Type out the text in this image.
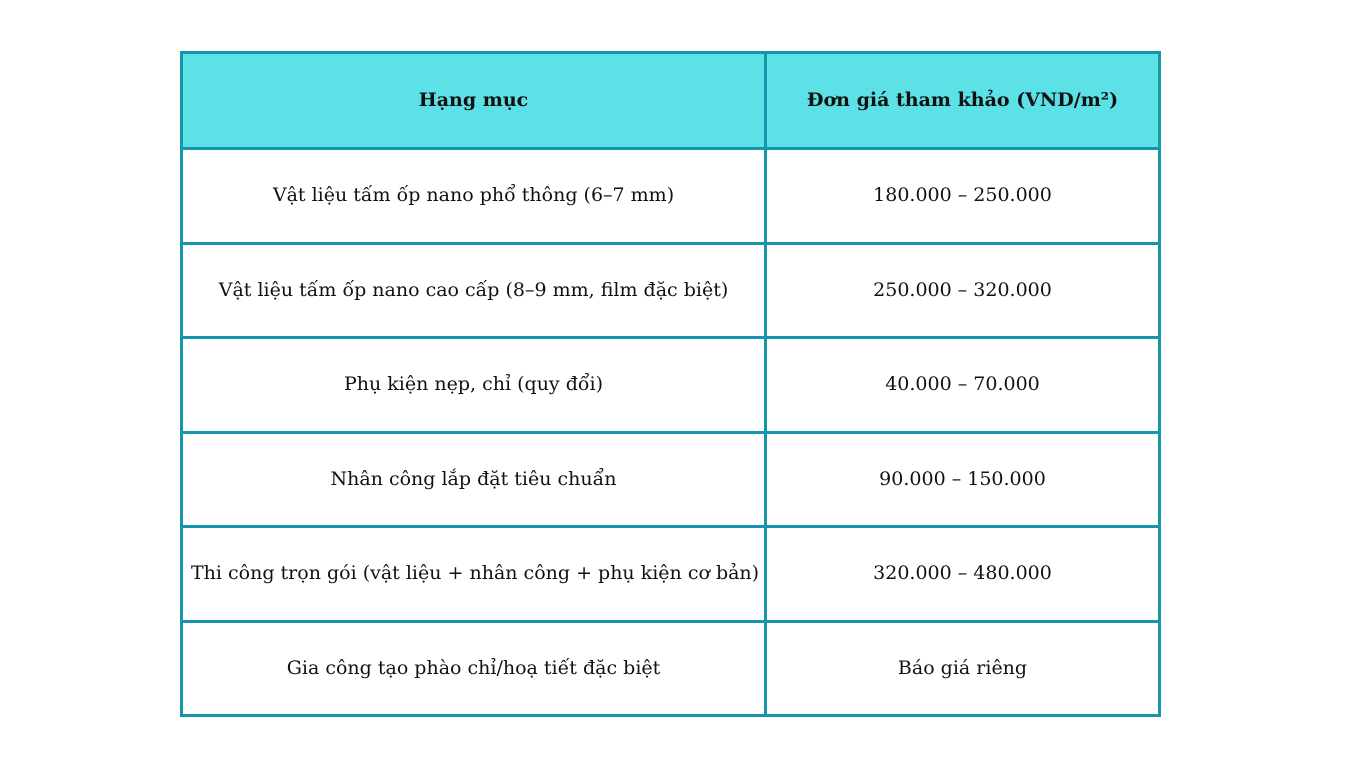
Hạng mục	Đơn giá tham khảo (VND/m²)
Vật liệu tấm ốp nano phổ thông (6–7 mm)	180.000 – 250.000
Vật liệu tấm ốp nano cao cấp (8–9 mm, film đặc biệt)	250.000 – 320.000
Phụ kiện nẹp, chỉ (quy đổi)	40.000 – 70.000
Nhân công lắp đặt tiêu chuẩn	90.000 – 150.000
Thi công trọn gói (vật liệu + nhân công + phụ kiện cơ bản)	320.000 – 480.000
Gia công tạo phào chỉ/hoạ tiết đặc biệt	Báo giá riêng
